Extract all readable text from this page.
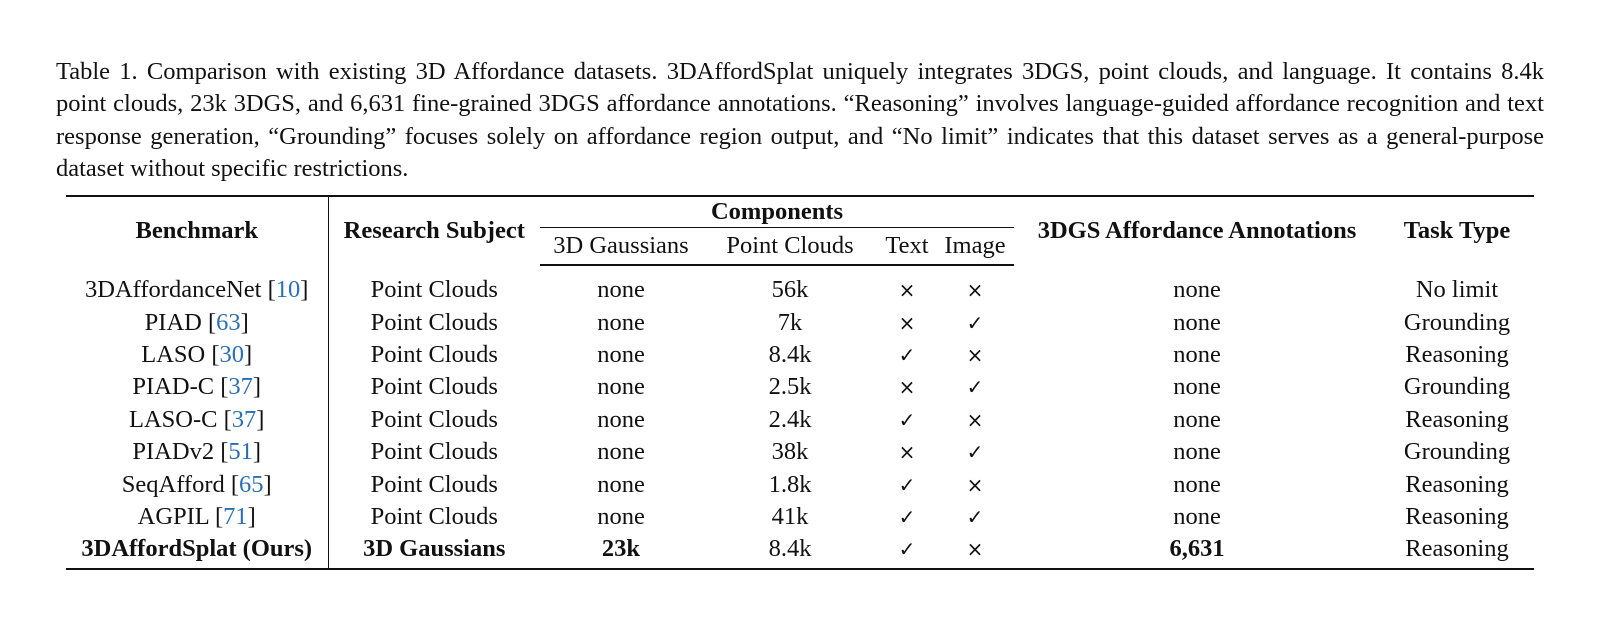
Table 1. Comparison with existing 3D Affordance datasets. 3DAffordSplat uniquely integrates 3DGS, point clouds, and language. It contains 8.4k point clouds, 23k 3DGS, and 6,631 fine-grained 3DGS affordance annotations. “Reasoning” involves language-guided affordance recognition and text response generation, “Grounding” focuses solely on affordance region output, and “No limit” indicates that this dataset serves as a general-purpose dataset without specific restrictions.

Benchmark	Research Subject	Components				3DGS Affordance Annotations	Task Type
		3D Gaussians	Point Clouds	Text	Image		
3DAffordanceNet [10]	Point Clouds	none	56k	×	×	none	No limit
PIAD [63]	Point Clouds	none	7k	×	✓	none	Grounding
LASO [30]	Point Clouds	none	8.4k	✓	×	none	Reasoning
PIAD-C [37]	Point Clouds	none	2.5k	×	✓	none	Grounding
LASO-C [37]	Point Clouds	none	2.4k	✓	×	none	Reasoning
PIADv2 [51]	Point Clouds	none	38k	×	✓	none	Grounding
SeqAfford [65]	Point Clouds	none	1.8k	✓	×	none	Reasoning
AGPIL [71]	Point Clouds	none	41k	✓	✓	none	Reasoning
3DAffordSplat (Ours)	3D Gaussians	23k	8.4k	✓	×	6,631	Reasoning
